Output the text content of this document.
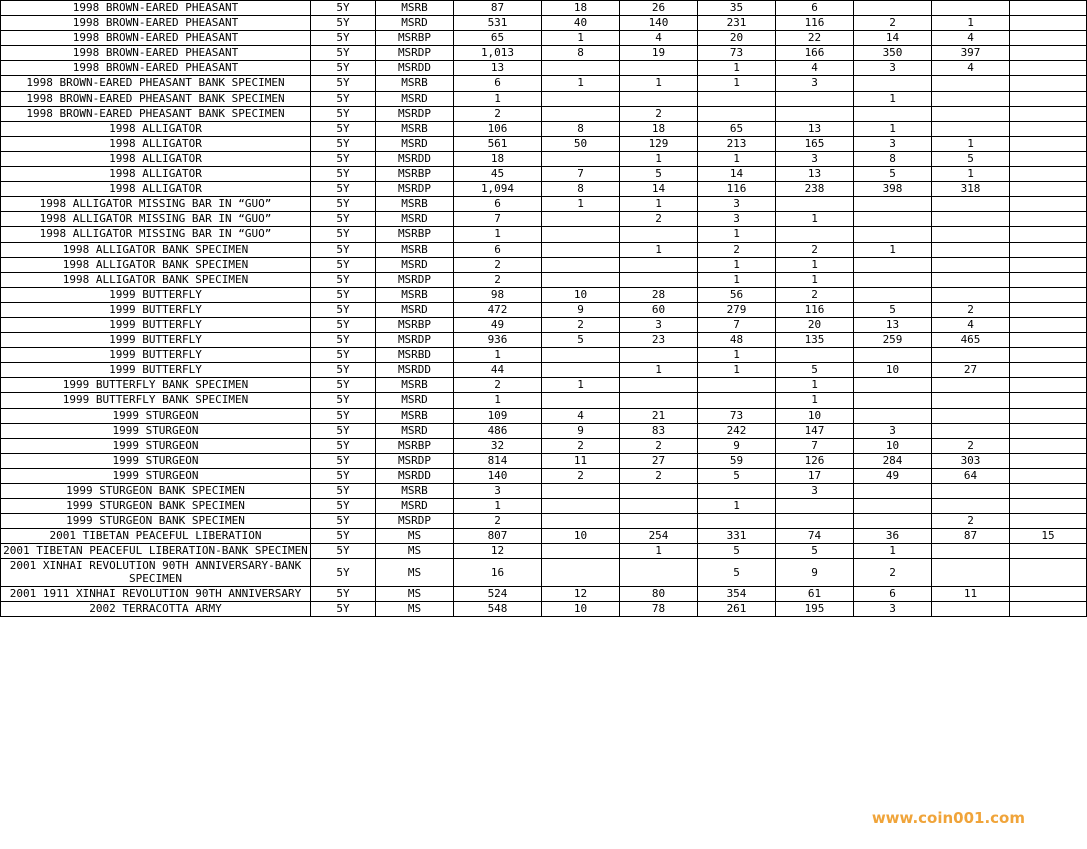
1998 BROWN-EARED PHEASANT	5Y	MSRB	87	18	26	35	6			
1998 BROWN-EARED PHEASANT	5Y	MSRD	531	40	140	231	116	2	1	
1998 BROWN-EARED PHEASANT	5Y	MSRBP	65	1	4	20	22	14	4	
1998 BROWN-EARED PHEASANT	5Y	MSRDP	1,013	8	19	73	166	350	397	
1998 BROWN-EARED PHEASANT	5Y	MSRDD	13			1	4	3	4	
1998 BROWN-EARED PHEASANT BANK SPECIMEN	5Y	MSRB	6	1	1	1	3			
1998 BROWN-EARED PHEASANT BANK SPECIMEN	5Y	MSRD	1					1		
1998 BROWN-EARED PHEASANT BANK SPECIMEN	5Y	MSRDP	2		2					
1998 ALLIGATOR	5Y	MSRB	106	8	18	65	13	1		
1998 ALLIGATOR	5Y	MSRD	561	50	129	213	165	3	1	
1998 ALLIGATOR	5Y	MSRDD	18		1	1	3	8	5	
1998 ALLIGATOR	5Y	MSRBP	45	7	5	14	13	5	1	
1998 ALLIGATOR	5Y	MSRDP	1,094	8	14	116	238	398	318	
1998 ALLIGATOR MISSING BAR IN “GUO”	5Y	MSRB	6	1	1	3				
1998 ALLIGATOR MISSING BAR IN “GUO”	5Y	MSRD	7		2	3	1			
1998 ALLIGATOR MISSING BAR IN “GUO”	5Y	MSRBP	1			1				
1998 ALLIGATOR BANK SPECIMEN	5Y	MSRB	6		1	2	2	1		
1998 ALLIGATOR BANK SPECIMEN	5Y	MSRD	2			1	1			
1998 ALLIGATOR BANK SPECIMEN	5Y	MSRDP	2			1	1			
1999 BUTTERFLY	5Y	MSRB	98	10	28	56	2			
1999 BUTTERFLY	5Y	MSRD	472	9	60	279	116	5	2	
1999 BUTTERFLY	5Y	MSRBP	49	2	3	7	20	13	4	
1999 BUTTERFLY	5Y	MSRDP	936	5	23	48	135	259	465	
1999 BUTTERFLY	5Y	MSRBD	1			1				
1999 BUTTERFLY	5Y	MSRDD	44		1	1	5	10	27	
1999 BUTTERFLY BANK SPECIMEN	5Y	MSRB	2	1			1			
1999 BUTTERFLY BANK SPECIMEN	5Y	MSRD	1				1			
1999 STURGEON	5Y	MSRB	109	4	21	73	10			
1999 STURGEON	5Y	MSRD	486	9	83	242	147	3		
1999 STURGEON	5Y	MSRBP	32	2	2	9	7	10	2	
1999 STURGEON	5Y	MSRDP	814	11	27	59	126	284	303	
1999 STURGEON	5Y	MSRDD	140	2	2	5	17	49	64	
1999 STURGEON BANK SPECIMEN	5Y	MSRB	3				3			
1999 STURGEON BANK SPECIMEN	5Y	MSRD	1			1				
1999 STURGEON BANK SPECIMEN	5Y	MSRDP	2						2	
2001 TIBETAN PEACEFUL LIBERATION	5Y	MS	807	10	254	331	74	36	87	15
2001 TIBETAN PEACEFUL LIBERATION-BANK SPECIMEN	5Y	MS	12		1	5	5	1		
2001 XINHAI REVOLUTION 90TH ANNIVERSARY-BANK SPECIMEN	5Y	MS	16			5	9	2		
2001 1911 XINHAI REVOLUTION 90TH ANNIVERSARY	5Y	MS	524	12	80	354	61	6	11	
2002 TERRACOTTA ARMY	5Y	MS	548	10	78	261	195	3		
www.coin001.com
